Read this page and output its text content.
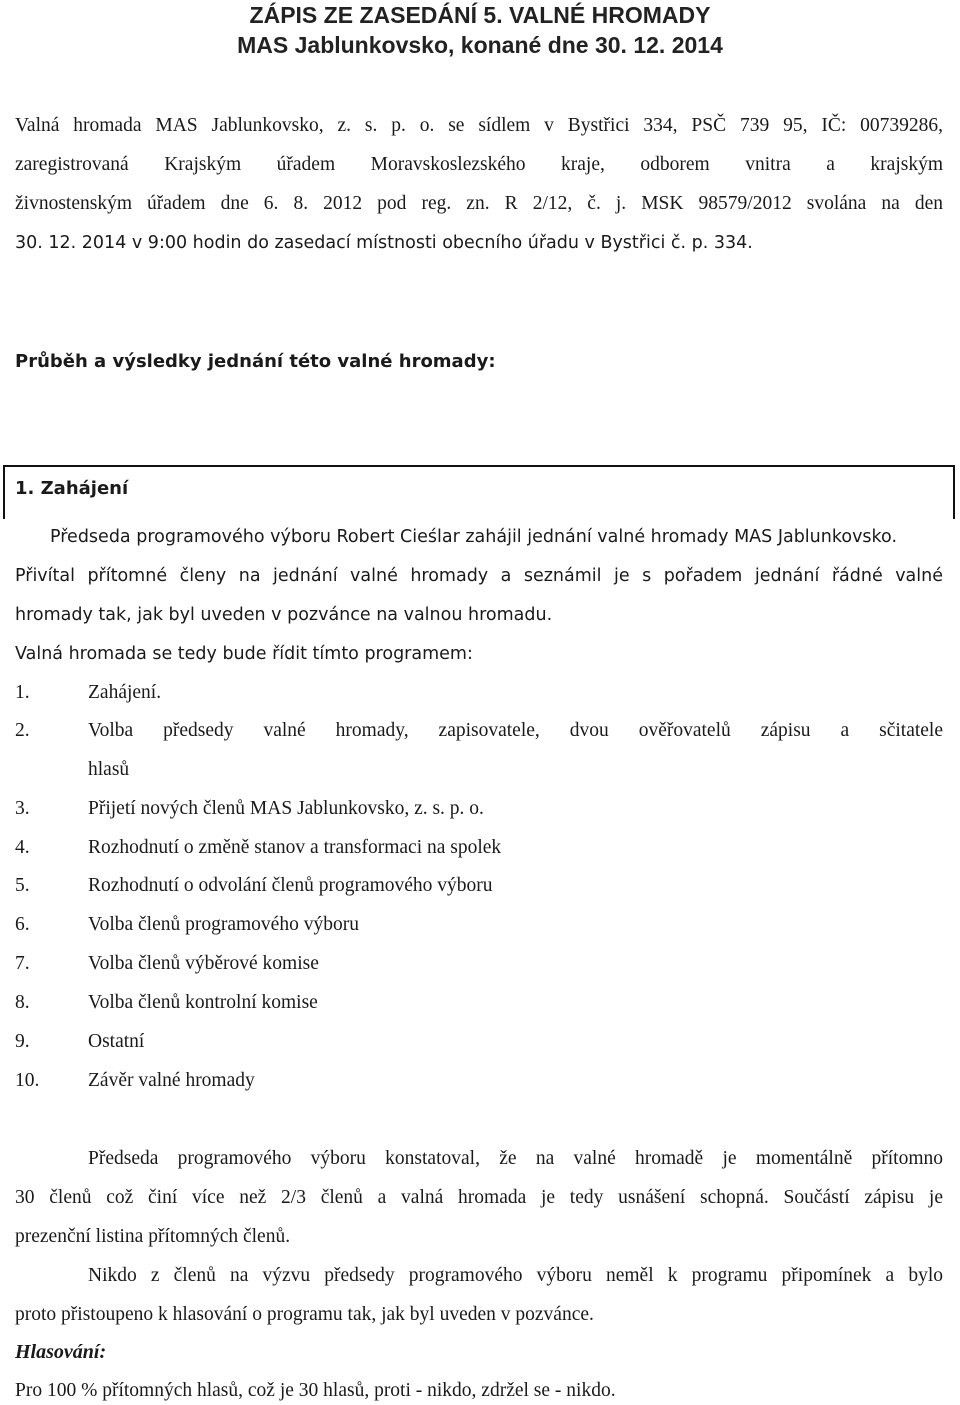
ZÁPIS ZE ZASEDÁNÍ 5. VALNÉ HROMADY
MAS Jablunkovsko, konané dne 30. 12. 2014
Valná hromada MAS Jablunkovsko, z. s. p. o. se sídlem v Bystřici 334, PSČ 739 95, IČ: 00739286,
zaregistrovaná Krajským úřadem Moravskoslezského kraje, odborem vnitra a krajským
živnostenským úřadem dne 6. 8. 2012 pod reg. zn. R 2/12, č. j. MSK 98579/2012 svolána na den
30. 12. 2014 v 9:00 hodin do zasedací místnosti obecního úřadu v Bystřici č. p. 334.
Průběh a výsledky jednání této valné hromady:
1. Zahájení
Předseda programového výboru Robert Cieślar zahájil jednání valné hromady MAS Jablunkovsko.
Přivítal přítomné členy na jednání valné hromady a seznámil je s pořadem jednání řádné valné
hromady tak, jak byl uveden v pozvánce na valnou hromadu.
Valná hromada se tedy bude řídit tímto programem:
1.	Zahájení.
2.	Volba předsedy valné hromady, zapisovatele, dvou ověřovatelů zápisu a sčitatele
hlasů
3.	Přijetí nových členů MAS Jablunkovsko, z. s. p. o.
4.	Rozhodnutí o změně stanov a transformaci na spolek
5.	Rozhodnutí o odvolání členů programového výboru
6.	Volba členů programového výboru
7.	Volba členů výběrové komise
8.	Volba členů kontrolní komise
9.	Ostatní
10. Závěr valné hromady
Předseda programového výboru konstatoval, že na valné hromadě je momentálně přítomno
30 členů což činí více než 2/3 členů a valná hromada je tedy usnášení schopná. Součástí zápisu je
prezenční listina přítomných členů.
Nikdo z členů na výzvu předsedy programového výboru neměl k programu připomínek a bylo
proto přistoupeno k hlasování o programu tak, jak byl uveden v pozvánce.
Hlasování:
Pro 100 % přítomných hlasů, což je 30 hlasů, proti - nikdo, zdržel se - nikdo.
